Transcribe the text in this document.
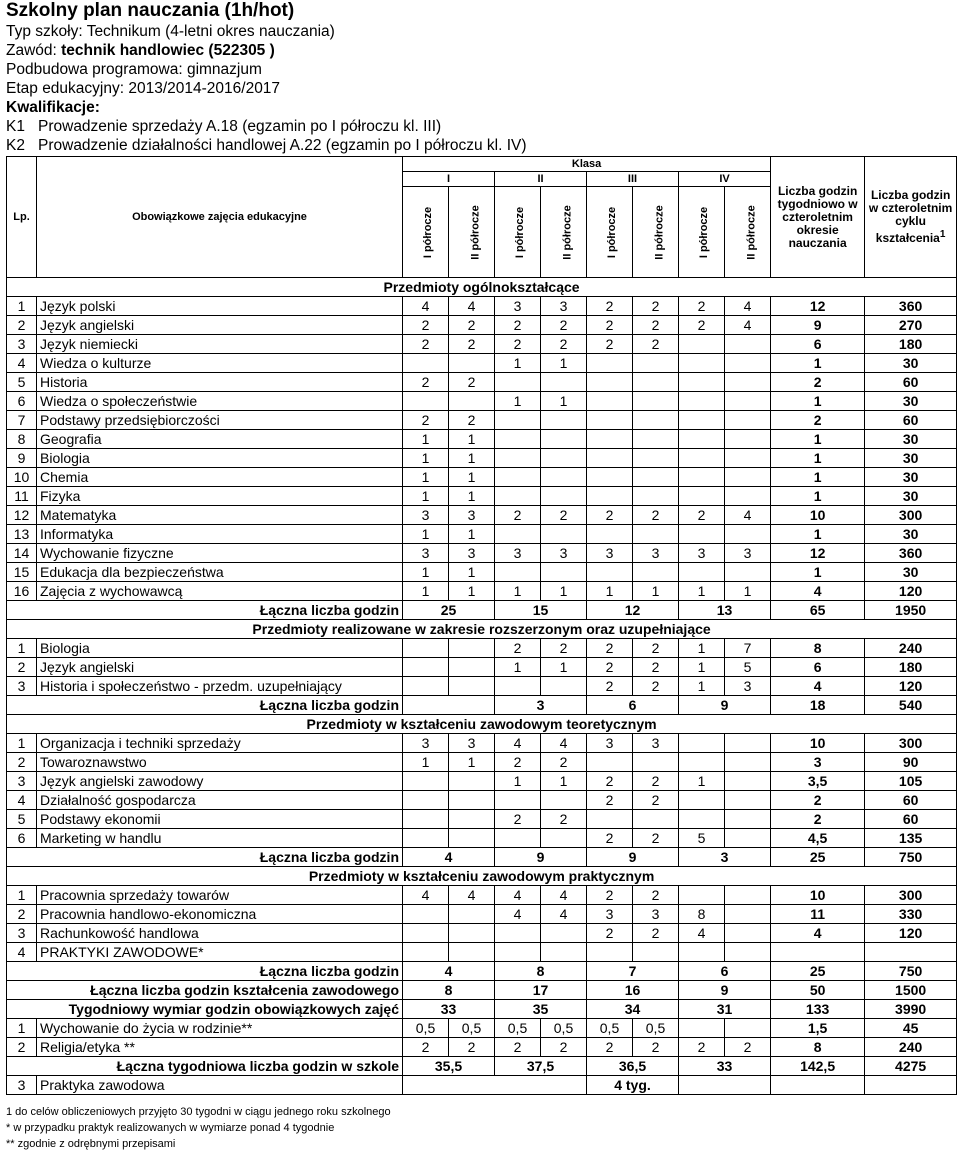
Szkolny plan nauczania (1h/hot)
Typ szkoły: Technikum (4-letni okres nauczania)
Zawód: technik handlowiec (522305 )
Podbudowa programowa: gimnazjum
Etap edukacyjny: 2013/2014-2016/2017
Kwalifikacje:
K1 Prowadzenie sprzedaży A.18 (egzamin po I półroczu kl. III)
K2 Prowadzenie działalności handlowej A.22 (egzamin po I półroczu kl. IV)
Lp.	Obowiązkowe zajęcia edukacyjne	Klasa								Liczba godzin tygodniowo w czteroletnim okresie nauczania	Liczba godzin w czteroletnim cyklu kształcenia$^1$
		I		II		III		IV			
		I półrocze	II półrocze	I półrocze	II półrocze	I półrocze	II półrocze	I półrocze	II półrocze		
Przedmioty ogólnokształcące											
1	Język polski	4	4	3	3	2	2	2	4	12	360
2	Język angielski	2	2	2	2	2	2	2	4	9	270
3	Język niemiecki	2	2	2	2	2	2			6	180
4	Wiedza o kulturze			1	1					1	30
5	Historia	2	2							2	60
6	Wiedza o społeczeństwie			1	1					1	30
7	Podstawy przedsiębiorczości	2	2							2	60
8	Geografia	1	1							1	30
9	Biologia	1	1							1	30
10	Chemia	1	1							1	30
11	Fizyka	1	1							1	30
12	Matematyka	3	3	2	2	2	2	2	4	10	300
13	Informatyka	1	1							1	30
14	Wychowanie fizyczne	3	3	3	3	3	3	3	3	12	360
15	Edukacja dla bezpieczeństwa	1	1							1	30
16	Zajęcia z wychowawcą	1	1	1	1	1	1	1	1	4	120
Łączna liczba godzin		25		15		12		13		65	1950
Przedmioty realizowane w zakresie rozszerzonym oraz uzupełniające											
1	Biologia			2	2	2	2	1	7	8	240
2	Język angielski			1	1	2	2	1	5	6	180
3	Historia i społeczeństwo - przedm. uzupełniający					2	2	1	3	4	120
Łączna liczba godzin				3		6		9		18	540
Przedmioty w kształceniu zawodowym teoretycznym											
1	Organizacja i techniki sprzedaży	3	3	4	4	3	3			10	300
2	Towaroznawstwo	1	1	2	2					3	90
3	Język angielski zawodowy			1	1	2	2	1		3,5	105
4	Działalność gospodarcza					2	2			2	60
5	Podstawy ekonomii			2	2					2	60
6	Marketing w handlu					2	2	5		4,5	135
Łączna liczba godzin		4		9		9		3		25	750
Przedmioty w kształceniu zawodowym praktycznym											
1	Pracownia sprzedaży towarów	4	4	4	4	2	2			10	300
2	Pracownia handlowo-ekonomiczna			4	4	3	3	8		11	330
3	Rachunkowość handlowa					2	2	4		4	120
4	PRAKTYKI ZAWODOWE*										
Łączna liczba godzin		4		8		7		6		25	750
Łączna liczba godzin kształcenia zawodowego		8		17		16		9		50	1500
Tygodniowy wymiar godzin obowiązkowych zajęć		33		35		34		31		133	3990
1	Wychowanie do życia w rodzinie**	0,5	0,5	0,5	0,5	0,5	0,5			1,5	45
2	Religia/etyka **	2	2	2	2	2	2	2	2	8	240
Łączna tygodniowa liczba godzin w szkole		35,5		37,5		36,5		33		142,5	4275
3	Praktyka zawodowa					4 tyg.					
1 do celów obliczeniowych przyjęto 30 tygodni w ciągu jednego roku szkolnego
* w przypadku praktyk realizowanych w wymiarze ponad 4 tygodnie
** zgodnie z odrębnymi przepisami
